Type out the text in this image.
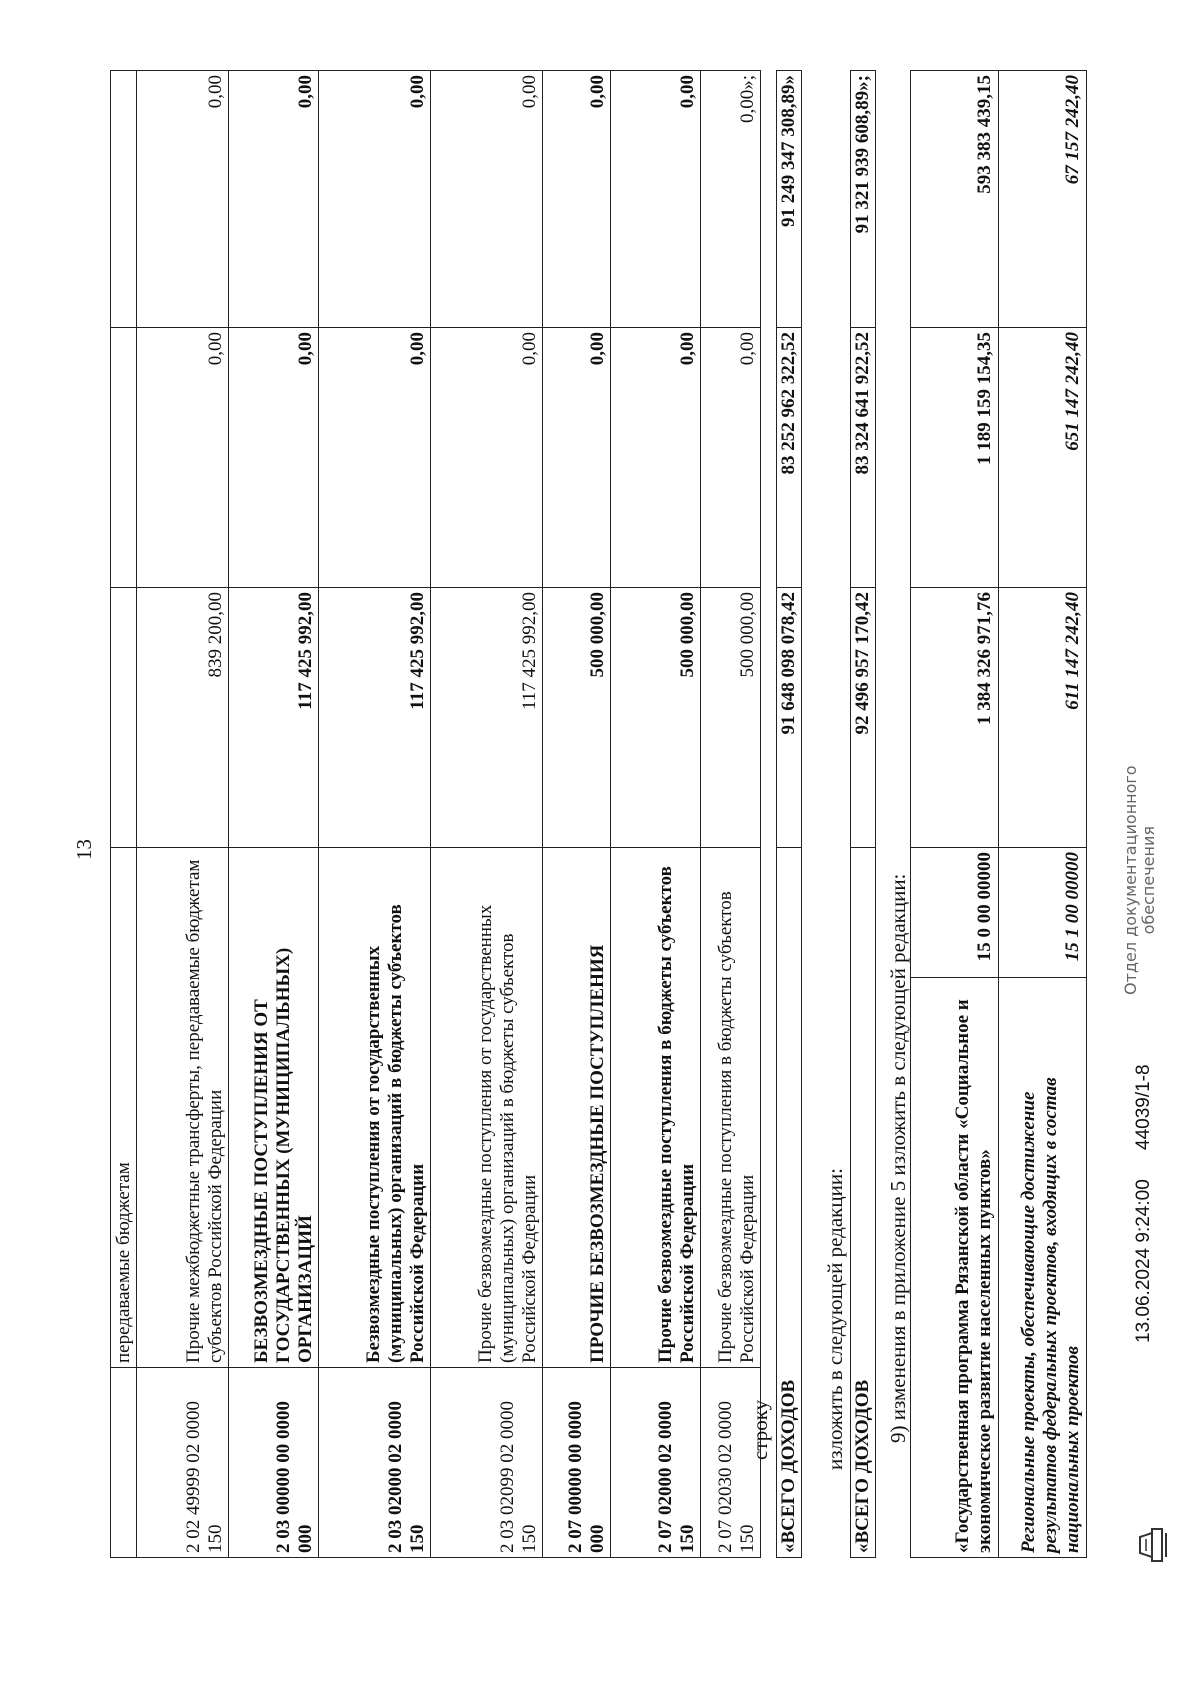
13
	передаваемые бюджетам			
2 02 49999 02 0000 150	Прочие межбюджетные трансферты, передаваемые бюджетам субъектов Российской Федерации	839 200,00	0,00	0,00
2 03 00000 00 0000 000	БЕЗВОЗМЕЗДНЫЕ ПОСТУПЛЕНИЯ ОТ ГОСУДАРСТВЕННЫХ (МУНИЦИПАЛЬНЫХ) ОРГАНИЗАЦИЙ	117 425 992,00	0,00	0,00
2 03 02000 02 0000 150	Безвозмездные поступления от государственных (муниципальных) организаций в бюджеты субъектов Российской Федерации	117 425 992,00	0,00	0,00
2 03 02099 02 0000 150	Прочие безвозмездные поступления от государственных (муниципальных) организаций в бюджеты субъектов Российской Федерации	117 425 992,00	0,00	0,00
2 07 00000 00 0000 000	ПРОЧИЕ БЕЗВОЗМЕЗДНЫЕ ПОСТУПЛЕНИЯ	500 000,00	0,00	0,00
2 07 02000 02 0000 150	Прочие безвозмездные поступления в бюджеты субъектов Российской Федерации	500 000,00	0,00	0,00
2 07 02030 02 0000 150	Прочие безвозмездные поступления в бюджеты субъектов Российской Федерации	500 000,00	0,00	0,00»;
строку «ВСЕГО ДОХОДОВ	91 648 098 078,42	83 252 962 322,52	91 249 347 308,89»
изложить в следующей редакции: «ВСЕГО ДОХОДОВ	92 496 957 170,42	83 324 641 922,52	91 321 939 608,89»;
9) изменения в приложение 5 изложить в следующей редакции: «Государственная программа Рязанской области «Социальное и экономическое развитие населенных пунктов»	15 0 00 00000	1 384 326 971,76	1 189 159 154,35	593 383 439,15
Региональные проекты, обеспечивающие достижение результатов федеральных проектов, входящих в состав национальных проектов	15 1 00 00000	611 147 242,40	651 147 242,40	67 157 242,40
13.06.2024 9:24:00
44039/1-8
Отдел документационного обеспечения
